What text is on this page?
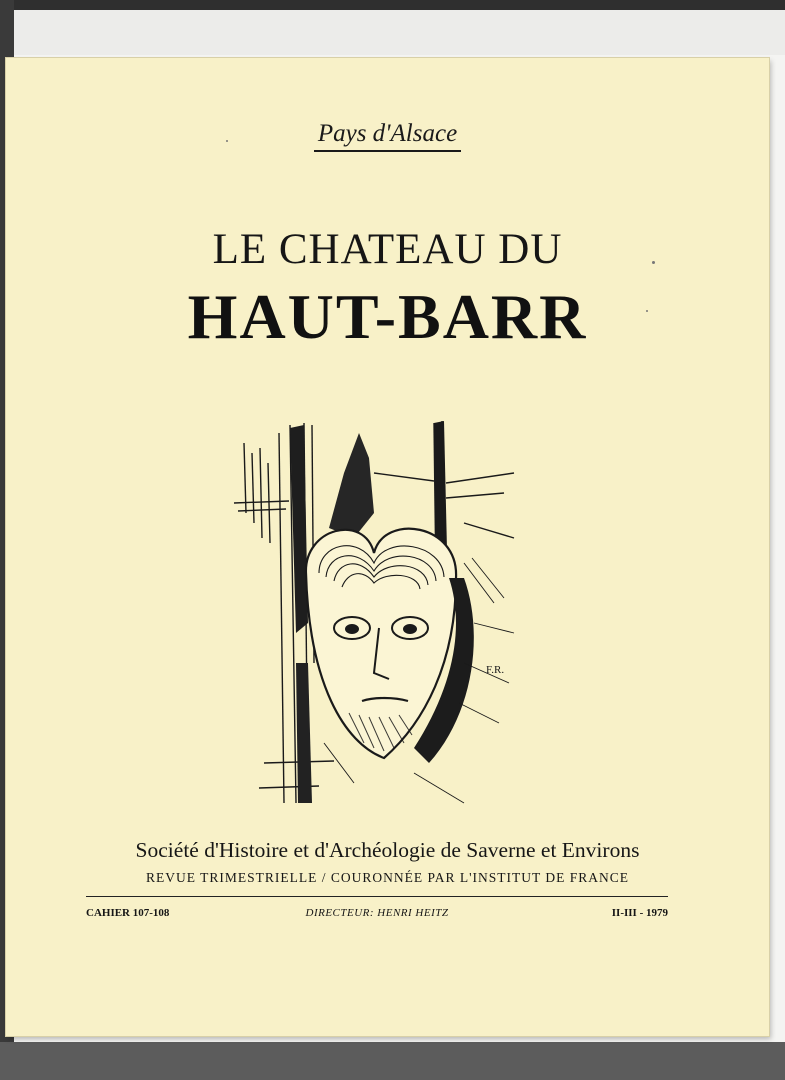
Pays d'Alsace
LE CHATEAU DU
HAUT-BARR
F.R.
Société d'Histoire et d'Archéologie de Saverne et Environs
REVUE TRIMESTRIELLE / COURONNÉE PAR L'INSTITUT DE FRANCE
CAHIER 107-108	DIRECTEUR: HENRI HEITZ	II-III - 1979
